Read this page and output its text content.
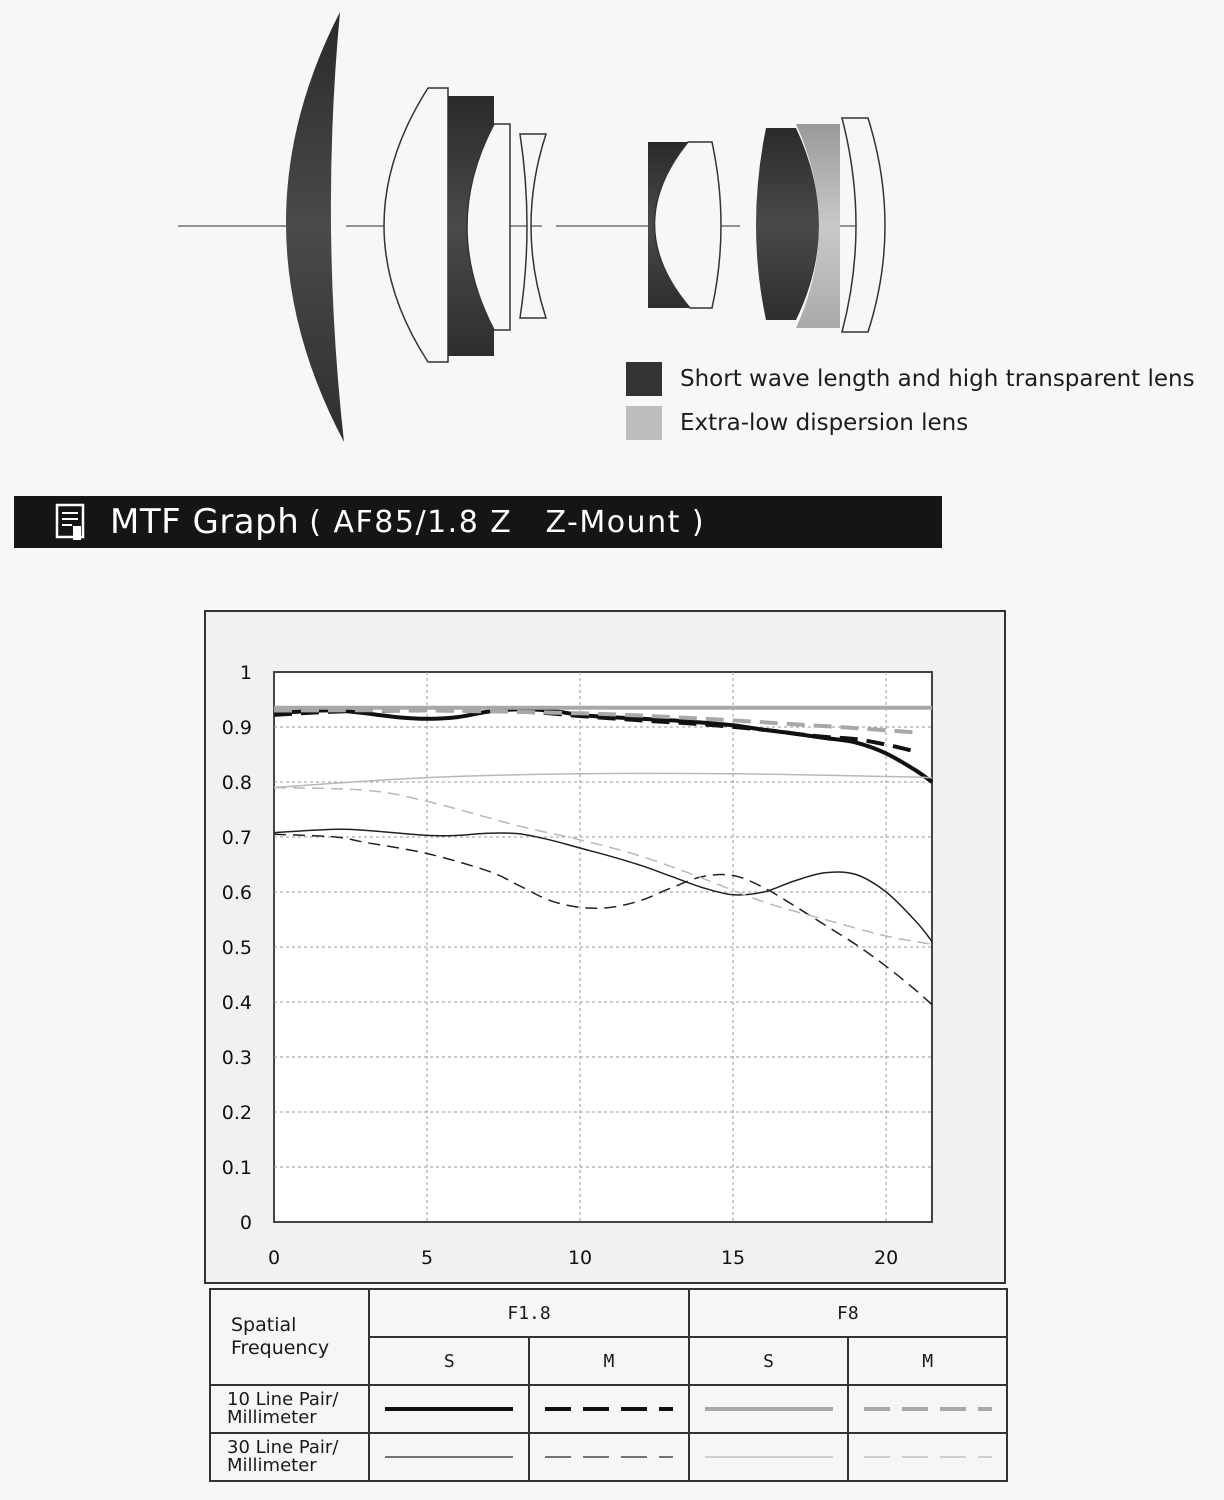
Short wave length and high transparent lens
Extra-low dispersion lens
MTF Graph ( AF85/1.8 Z   Z-Mount )
0
0.1
0.2
0.3
0.4
0.5
0.6
0.7
0.8
0.9
1
0	5	10	15	20
Spatial Frequency	F1.8		F8	
	S	M	S	M
10 Line Pair/ Millimeter	

30 Line Pair/ Millimeter	
